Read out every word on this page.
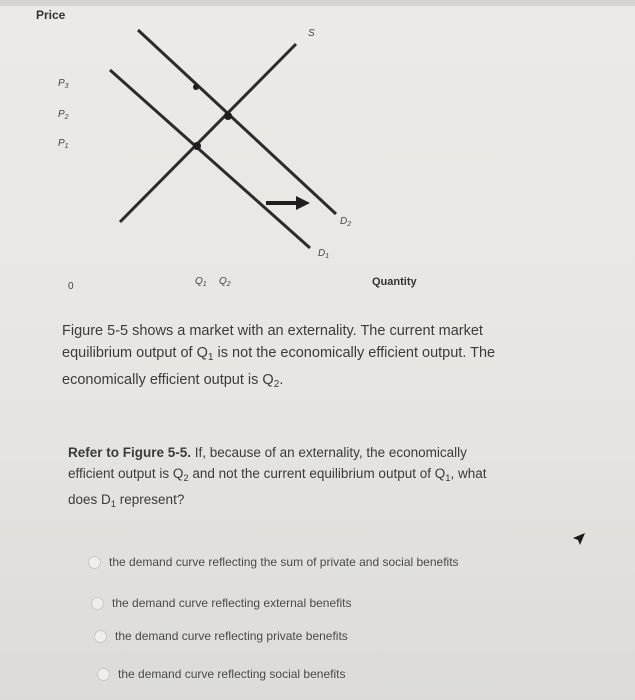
Price
$P_3$
$P_2$
$P_1$
0	$Q_1$ $Q_2$
S
$D_1$
$D_2$
Quantity
Figure 5-5 shows a market with an externality. The current market
equilibrium output of $Q_1$ is not the economically efficient output. The
economically efficient output is $Q_2$.
Refer to Figure 5-5. If, because of an externality, the economically
efficient output is $Q_2$ and not the current equilibrium output of $Q_1$, what
does $D_1$ represent?
the demand curve reflecting the sum of private and social benefits
the demand curve reflecting external benefits
the demand curve reflecting private benefits
the demand curve reflecting social benefits
